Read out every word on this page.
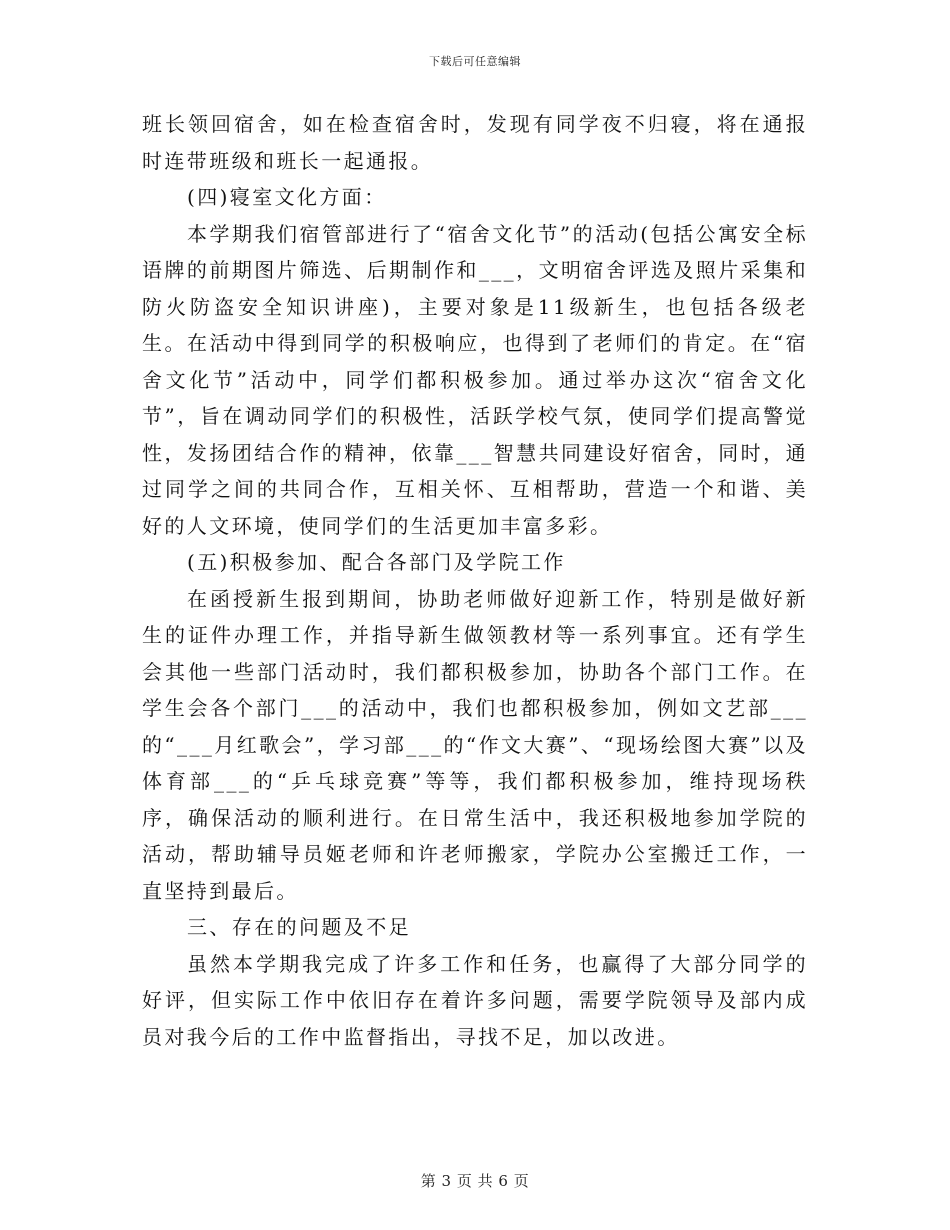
下载后可任意编辑

班长领回宿舍，如在检查宿舍时，发现有同学夜不归寝，将在通报时连带班级和班长一起通报。

(四)寝室文化方面：

本学期我们宿管部进行了“宿舍文化节”的活动(包括公寓安全标语牌的前期图片筛选、后期制作和___，文明宿舍评选及照片采集和防火防盗安全知识讲座)，主要对象是11级新生，也包括各级老生。在活动中得到同学的积极响应，也得到了老师们的肯定。在“宿舍文化节”活动中，同学们都积极参加。通过举办这次“宿舍文化节”，旨在调动同学们的积极性，活跃学校气氛，使同学们提高警觉性，发扬团结合作的精神，依靠___智慧共同建设好宿舍，同时，通过同学之间的共同合作，互相关怀、互相帮助，营造一个和谐、美好的人文环境，使同学们的生活更加丰富多彩。

(五)积极参加、配合各部门及学院工作

在函授新生报到期间，协助老师做好迎新工作，特别是做好新生的证件办理工作，并指导新生做领教材等一系列事宜。还有学生会其他一些部门活动时，我们都积极参加，协助各个部门工作。在学生会各个部门___的活动中，我们也都积极参加，例如文艺部___的“___月红歌会”，学习部___的“作文大赛”、“现场绘图大赛”以及体育部___的“乒乓球竞赛”等等，我们都积极参加，维持现场秩序，确保活动的顺利进行。在日常生活中，我还积极地参加学院的活动，帮助辅导员姬老师和许老师搬家，学院办公室搬迁工作，一直坚持到最后。

三、存在的问题及不足

虽然本学期我完成了许多工作和任务，也赢得了大部分同学的好评，但实际工作中依旧存在着许多问题，需要学院领导及部内成员对我今后的工作中监督指出，寻找不足，加以改进。

第 3 页 共 6 页
